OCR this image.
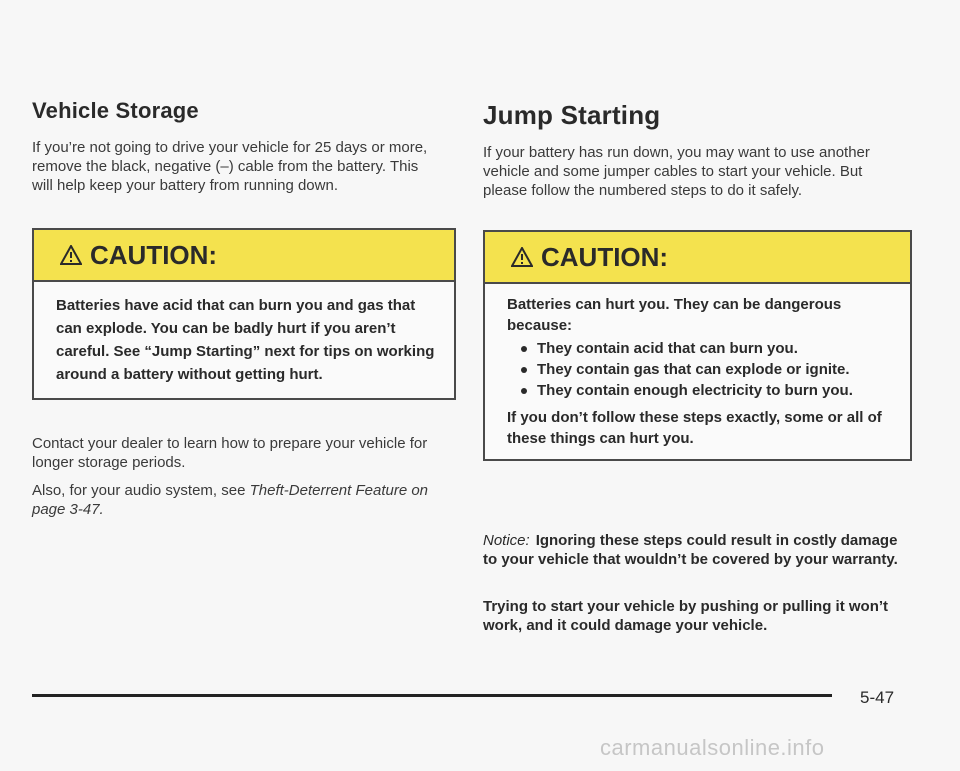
Vehicle Storage

If you’re not going to drive your vehicle for 25 days or more, remove the black, negative (–) cable from the battery. This will help keep your battery from running down.

CAUTION:

Batteries have acid that can burn you and gas that can explode. You can be badly hurt if you aren’t careful. See “Jump Starting” next for tips on working around a battery without getting hurt.

Contact your dealer to learn how to prepare your vehicle for longer storage periods.

Also, for your audio system, see Theft-Deterrent Feature on page 3-47.

Jump Starting

If your battery has run down, you may want to use another vehicle and some jumper cables to start your vehicle. But please follow the numbered steps to do it safely.

CAUTION:

Batteries can hurt you. They can be dangerous because:

They contain acid that can burn you.
They contain gas that can explode or ignite.
They contain enough electricity to burn you.

If you don’t follow these steps exactly, some or all of these things can hurt you.

Notice: Ignoring these steps could result in costly damage to your vehicle that wouldn’t be covered by your warranty.

Trying to start your vehicle by pushing or pulling it won’t work, and it could damage your vehicle.

5-47
carmanualsonline.info
